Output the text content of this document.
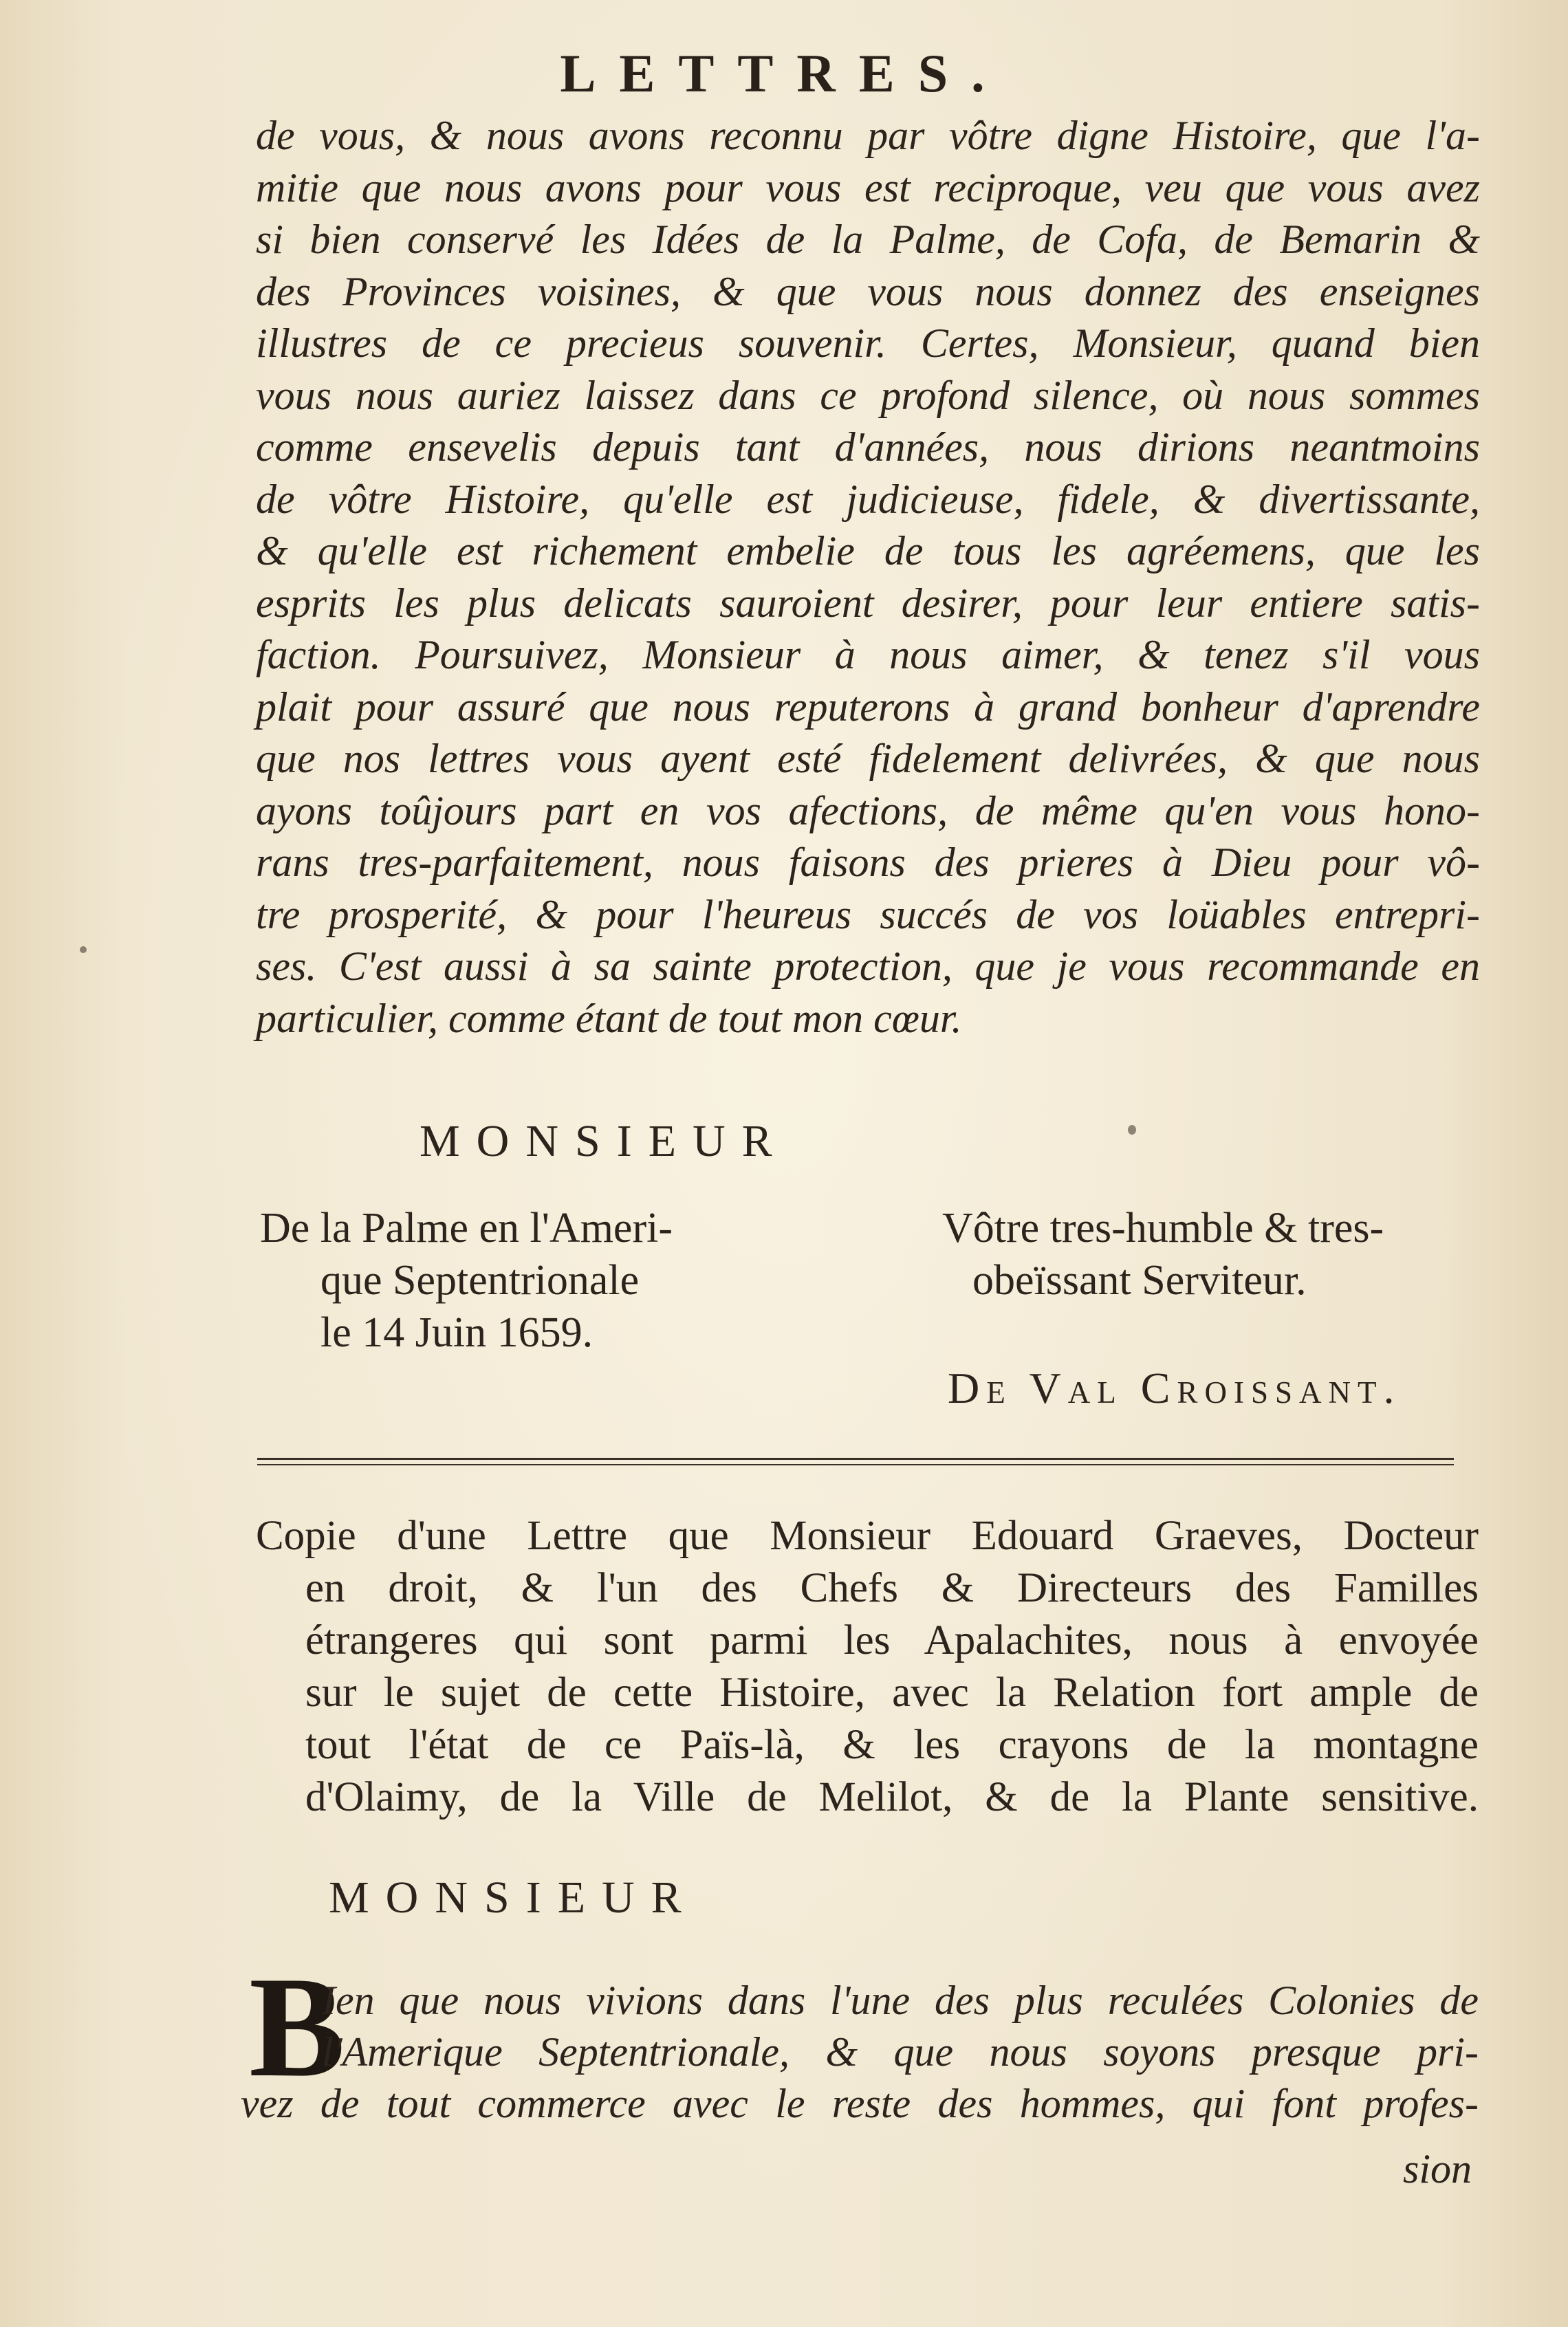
LETTRES.
de vous, & nous avons reconnu par vôtre digne Histoire, que l'a-
mitie que nous avons pour vous est reciproque, veu que vous avez
si bien conservé les Idées de la Palme, de Cofa, de Bemarin &
des Provinces voisines, & que vous nous donnez des enseignes
illustres de ce precieus souvenir. Certes, Monsieur, quand bien
vous nous auriez laissez dans ce profond silence, où nous sommes
comme ensevelis depuis tant d'années, nous dirions neantmoins
de vôtre Histoire, qu'elle est judicieuse, fidele, & divertissante,
& qu'elle est richement embelie de tous les agréemens, que les
esprits les plus delicats sauroient desirer, pour leur entiere satis-
faction. Poursuivez, Monsieur à nous aimer, & tenez s'il vous
plait pour assuré que nous reputerons à grand bonheur d'aprendre
que nos lettres vous ayent esté fidelement delivrées, & que nous
ayons toûjours part en vos afections, de même qu'en vous hono-
rans tres-parfaitement, nous faisons des prieres à Dieu pour vô-
tre prosperité, & pour l'heureus succés de vos loüables entrepri-
ses. C'est aussi à sa sainte protection, que je vous recommande en
particulier, comme étant de tout mon cœur.
MONSIEUR
De la Palme en l'Ameri-
que Septentrionale
le 14 Juin 1659.
Vôtre tres-humble & tres-
obeïssant Serviteur.
De Val Croissant.
Copie d'une Lettre que Monsieur Edouard Graeves, Docteur
en droit, & l'un des Chefs & Directeurs des Familles
étrangeres qui sont parmi les Apalachites, nous à envoyée
sur le sujet de cette Histoire, avec la Relation fort ample de
tout l'état de ce Païs-là, & les crayons de la montagne
d'Olaimy, de la Ville de Melilot, & de la Plante sensitive.
MONSIEUR
B
Ien que nous vivions dans l'une des plus reculées Colonies de
l'Amerique Septentrionale, & que nous soyons presque pri-
vez de tout commerce avec le reste des hommes, qui font profes-
sion
